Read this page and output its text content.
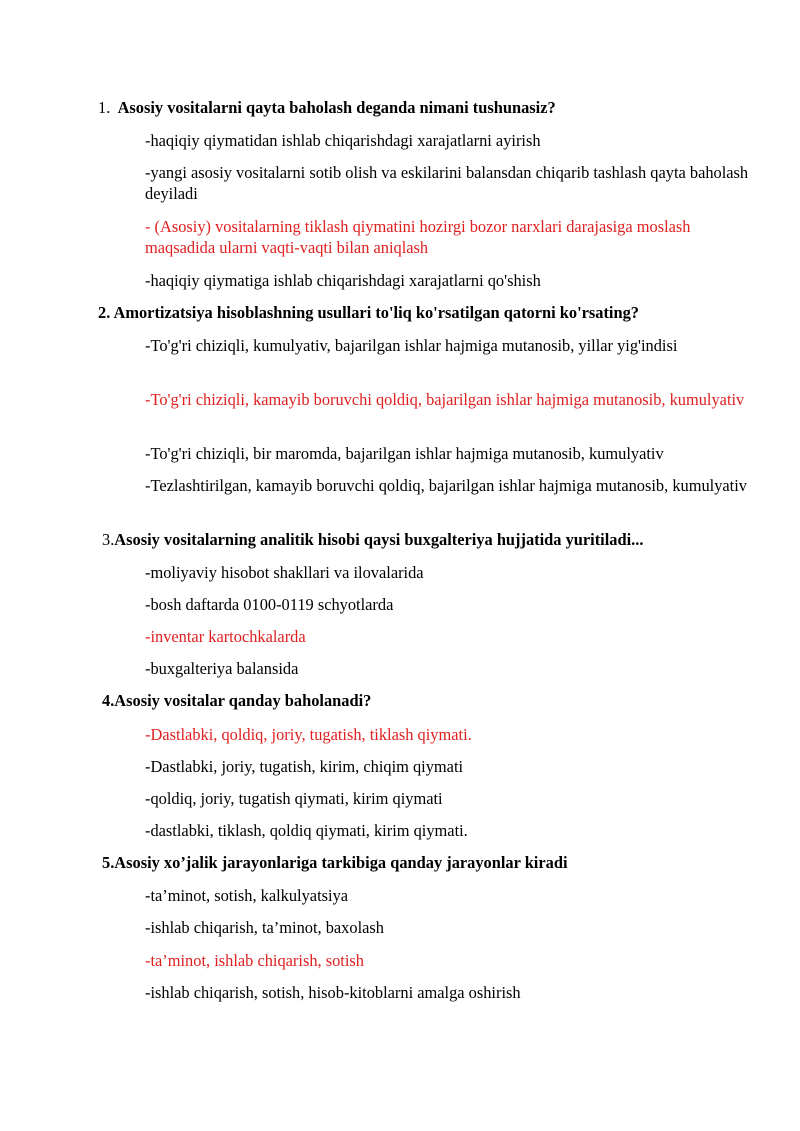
1. Asosiy vositalarni qayta baholash deganda nimani tushunasiz?
-haqiqiy qiymatidan ishlab chiqarishdagi xarajatlarni ayirish
-yangi asosiy vositalarni sotib olish va eskilarini balansdan chiqarib tashlash qayta baholash deyiladi
- (Asosiy) vositalarning tiklash qiymatini hozirgi bozor narxlari darajasiga moslash maqsadida ularni vaqti-vaqti bilan aniqlash
-haqiqiy qiymatiga ishlab chiqarishdagi xarajatlarni qo'shish
2. Amortizatsiya hisoblashning usullari to'liq ko'rsatilgan qatorni ko'rsating?
-To'g'ri chiziqli, kumulyativ, bajarilgan ishlar hajmiga mutanosib, yillar yig'indisi
-To'g'ri chiziqli, kamayib boruvchi qoldiq, bajarilgan ishlar hajmiga mutanosib, kumulyativ
-To'g'ri chiziqli, bir maromda, bajarilgan ishlar hajmiga mutanosib, kumulyativ
-Tezlashtirilgan, kamayib boruvchi qoldiq, bajarilgan ishlar hajmiga mutanosib, kumulyativ
3.Asosiy vositalarning analitik hisobi qaysi buxgalteriya hujjatida yuritiladi...
-moliyaviy hisobot shakllari va ilovalarida
-bosh daftarda 0100-0119 schyotlarda
-inventar kartochkalarda
-buxgalteriya balansida
4.Asosiy vositalar qanday baholanadi?
-Dastlabki, qoldiq, joriy, tugatish, tiklash qiymati.
-Dastlabki, joriy, tugatish, kirim, chiqim qiymati
-qoldiq, joriy, tugatish qiymati, kirim qiymati
-dastlabki, tiklash, qoldiq qiymati, kirim qiymati.
5.Asosiy xo’jalik jarayonlariga tarkibiga qanday jarayonlar kiradi
-ta’minot, sotish, kalkulyatsiya
-ishlab chiqarish, ta’minot, baxolash
-ta’minot, ishlab chiqarish, sotish
-ishlab chiqarish, sotish, hisob-kitoblarni amalga oshirish
